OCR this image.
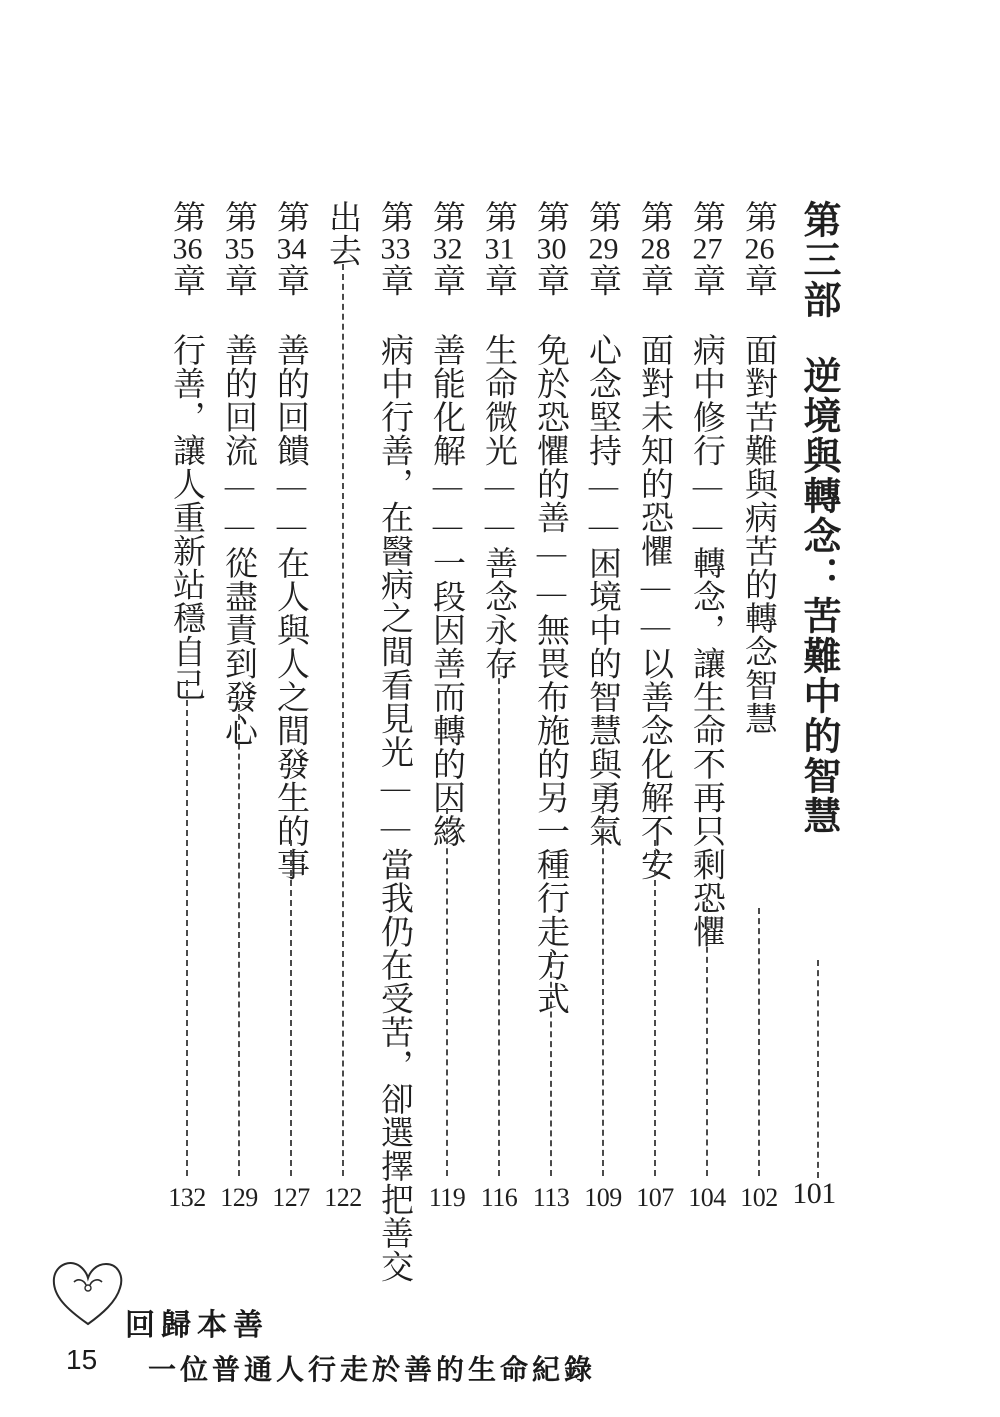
第三部逆境與轉念：苦難中的智慧
101
第26章面對苦難與病苦的轉念智慧
102
第27章病中修行——轉念，讓生命不再只剩恐懼
104
第28章面對未知的恐懼——以善念化解不安
107
第29章心念堅持——困境中的智慧與勇氣
109
第30章免於恐懼的善——無畏布施的另一種行走方式
113
第31章生命微光——善念永存
116
第32章善能化解——一段因善而轉的因緣
119
第33章病中行善，在醫病之間看見光——當我仍在受苦，卻選擇把善交
出去
122
第34章善的回饋——在人與人之間發生的事
127
第35章善的回流——從盡責到發心
129
第36章行善，讓人重新站穩自己
132
回歸本善
15 一位普通人行走於善的生命紀錄
